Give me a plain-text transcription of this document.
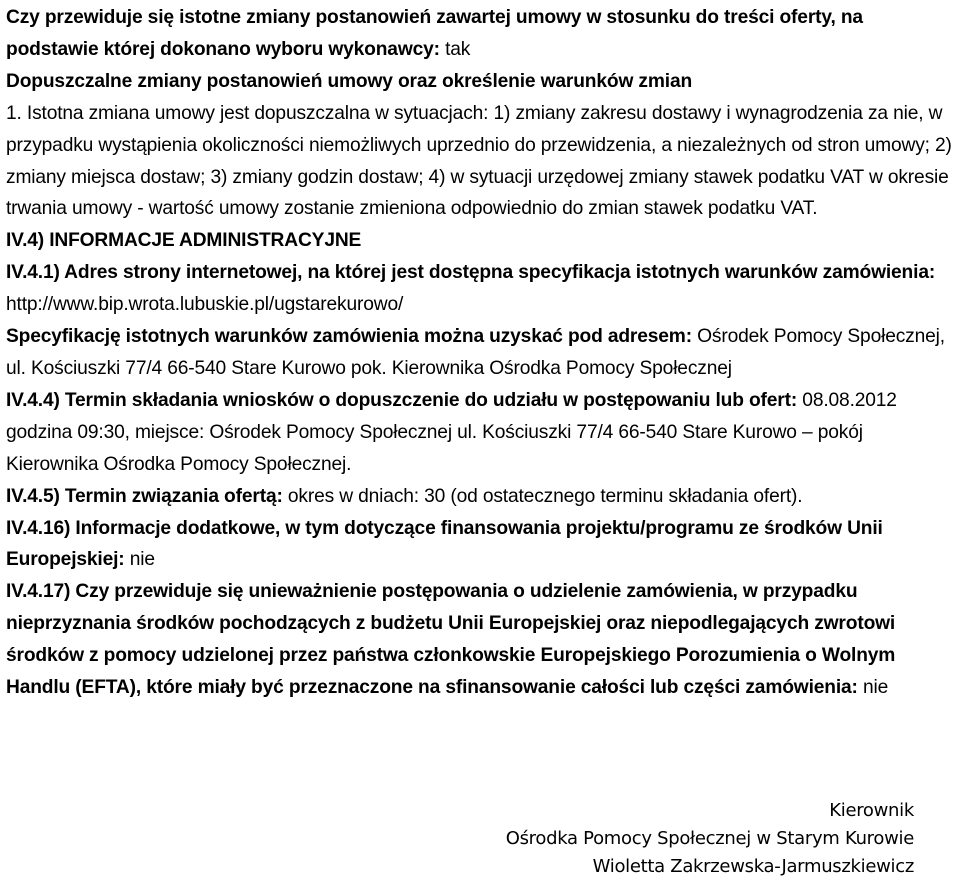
Czy przewiduje się istotne zmiany postanowień zawartej umowy w stosunku do treści oferty, na podstawie której dokonano wyboru wykonawcy: tak

Dopuszczalne zmiany postanowień umowy oraz określenie warunków zmian

1. Istotna zmiana umowy jest dopuszczalna w sytuacjach: 1) zmiany zakresu dostawy i wynagrodzenia za nie, w przypadku wystąpienia okoliczności niemożliwych uprzednio do przewidzenia, a niezależnych od stron umowy; 2) zmiany miejsca dostaw; 3) zmiany godzin dostaw; 4) w sytuacji urzędowej zmiany stawek podatku VAT w okresie trwania umowy - wartość umowy zostanie zmieniona odpowiednio do zmian stawek podatku VAT.

IV.4) INFORMACJE ADMINISTRACYJNE

IV.4.1) Adres strony internetowej, na której jest dostępna specyfikacja istotnych warunków zamówienia: http://www.bip.wrota.lubuskie.pl/ugstarekurowo/

Specyfikację istotnych warunków zamówienia można uzyskać pod adresem: Ośrodek Pomocy Społecznej, ul. Kościuszki 77/4 66-540 Stare Kurowo pok. Kierownika Ośrodka Pomocy Społecznej

IV.4.4) Termin składania wniosków o dopuszczenie do udziału w postępowaniu lub ofert: 08.08.2012 godzina 09:30, miejsce: Ośrodek Pomocy Społecznej ul. Kościuszki 77/4 66-540 Stare Kurowo – pokój Kierownika Ośrodka Pomocy Społecznej.

IV.4.5) Termin związania ofertą: okres w dniach: 30 (od ostatecznego terminu składania ofert).

IV.4.16) Informacje dodatkowe, w tym dotyczące finansowania projektu/programu ze środków Unii Europejskiej: nie

IV.4.17) Czy przewiduje się unieważnienie postępowania o udzielenie zamówienia, w przypadku nieprzyznania środków pochodzących z budżetu Unii Europejskiej oraz niepodlegających zwrotowi środków z pomocy udzielonej przez państwa członkowskie Europejskiego Porozumienia o Wolnym Handlu (EFTA), które miały być przeznaczone na sfinansowanie całości lub części zamówienia: nie

Kierownik
Ośrodka Pomocy Społecznej w Starym Kurowie
Wioletta Zakrzewska-Jarmuszkiewicz
